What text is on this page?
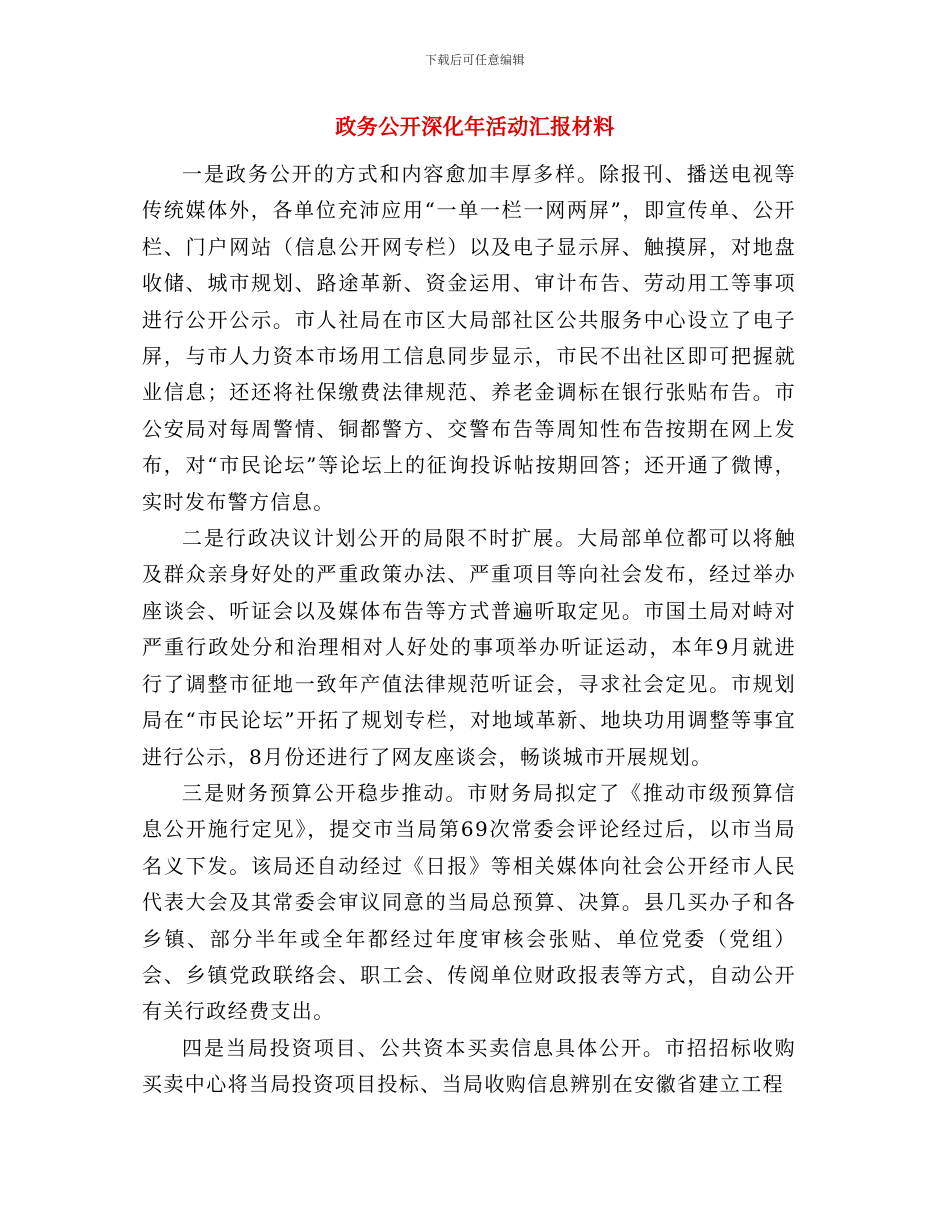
下载后可任意编辑
政务公开深化年活动汇报材料

一是政务公开的方式和内容愈加丰厚多样。除报刊、播送电视等传统媒体外，各单位充沛应用“一单一栏一网两屏”，即宣传单、公开栏、门户网站（信息公开网专栏）以及电子显示屏、触摸屏，对地盘收储、城市规划、路途革新、资金运用、审计布告、劳动用工等事项进行公开公示。市人社局在市区大局部社区公共服务中心设立了电子屏，与市人力资本市场用工信息同步显示，市民不出社区即可把握就业信息；还还将社保缴费法律规范、养老金调标在银行张贴布告。市公安局对每周警情、铜都警方、交警布告等周知性布告按期在网上发布，对“市民论坛”等论坛上的征询投诉帖按期回答；还开通了微博，实时发布警方信息。

二是行政决议计划公开的局限不时扩展。大局部单位都可以将触及群众亲身好处的严重政策办法、严重项目等向社会发布，经过举办座谈会、听证会以及媒体布告等方式普遍听取定见。市国土局对峙对严重行政处分和治理相对人好处的事项举办听证运动，本年9月就进行了调整市征地一致年产值法律规范听证会，寻求社会定见。市规划局在“市民论坛”开拓了规划专栏，对地域革新、地块功用调整等事宜进行公示，8月份还进行了网友座谈会，畅谈城市开展规划。

三是财务预算公开稳步推动。市财务局拟定了《推动市级预算信息公开施行定见》，提交市当局第69次常委会评论经过后，以市当局名义下发。该局还自动经过《日报》等相关媒体向社会公开经市人民代表大会及其常委会审议同意的当局总预算、决算。县几买办子和各乡镇、部分半年或全年都经过年度审核会张贴、单位党委（党组）会、乡镇党政联络会、职工会、传阅单位财政报表等方式，自动公开有关行政经费支出。

四是当局投资项目、公共资本买卖信息具体公开。市招招标收购买卖中心将当局投资项目投标、当局收购信息辨别在安徽省建立工程
